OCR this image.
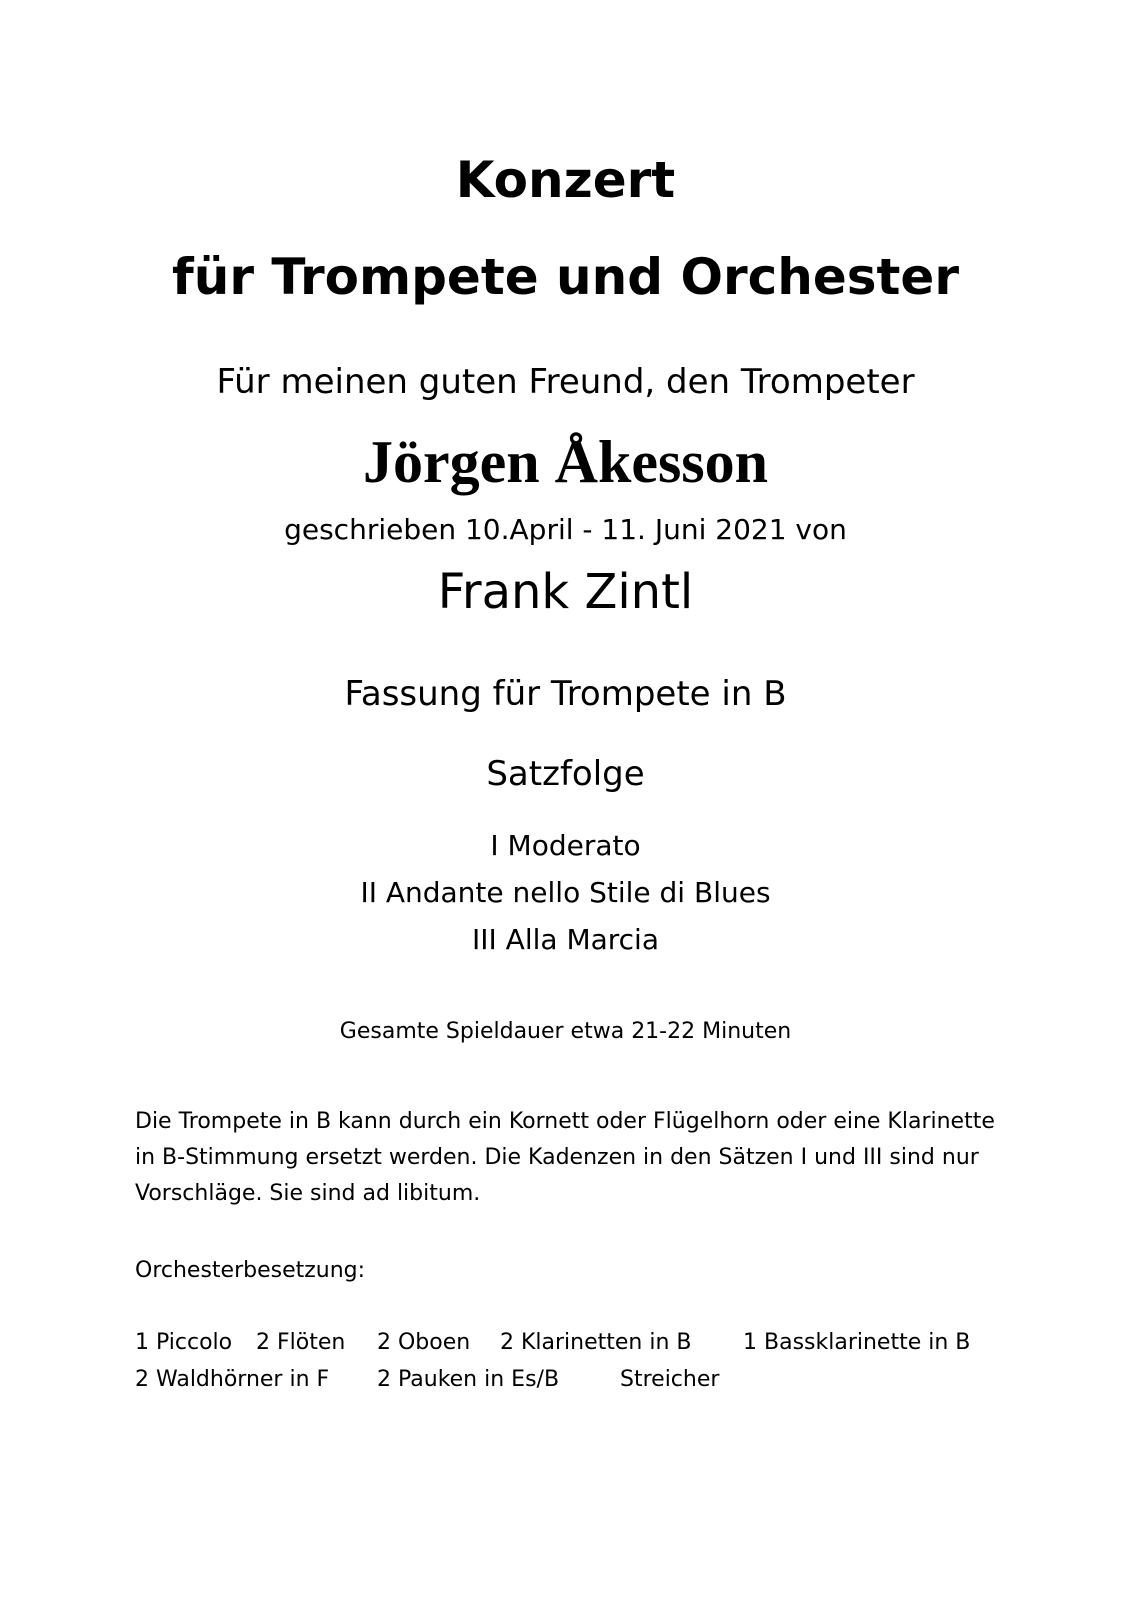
Konzert
für Trompete und Orchester
Für meinen guten Freund, den Trompeter
Jörgen Åkesson
geschrieben 10.April - 11. Juni 2021 von
Frank Zintl
Fassung für Trompete in B
Satzfolge
I Moderato
II Andante nello Stile di Blues
III Alla Marcia
Gesamte Spieldauer etwa 21-22 Minuten
Die Trompete in B kann durch ein Kornett oder Flügelhorn oder eine Klarinette
in B-Stimmung ersetzt werden. Die Kadenzen in den Sätzen I und III sind nur
Vorschläge. Sie sind ad libitum.
Orchesterbesetzung:
1 Piccolo 2 Flöten 2 Oboen 2 Klarinetten in B 1 Bassklarinette in B
2 Waldhörner in F 2 Pauken in Es/B	Streicher
